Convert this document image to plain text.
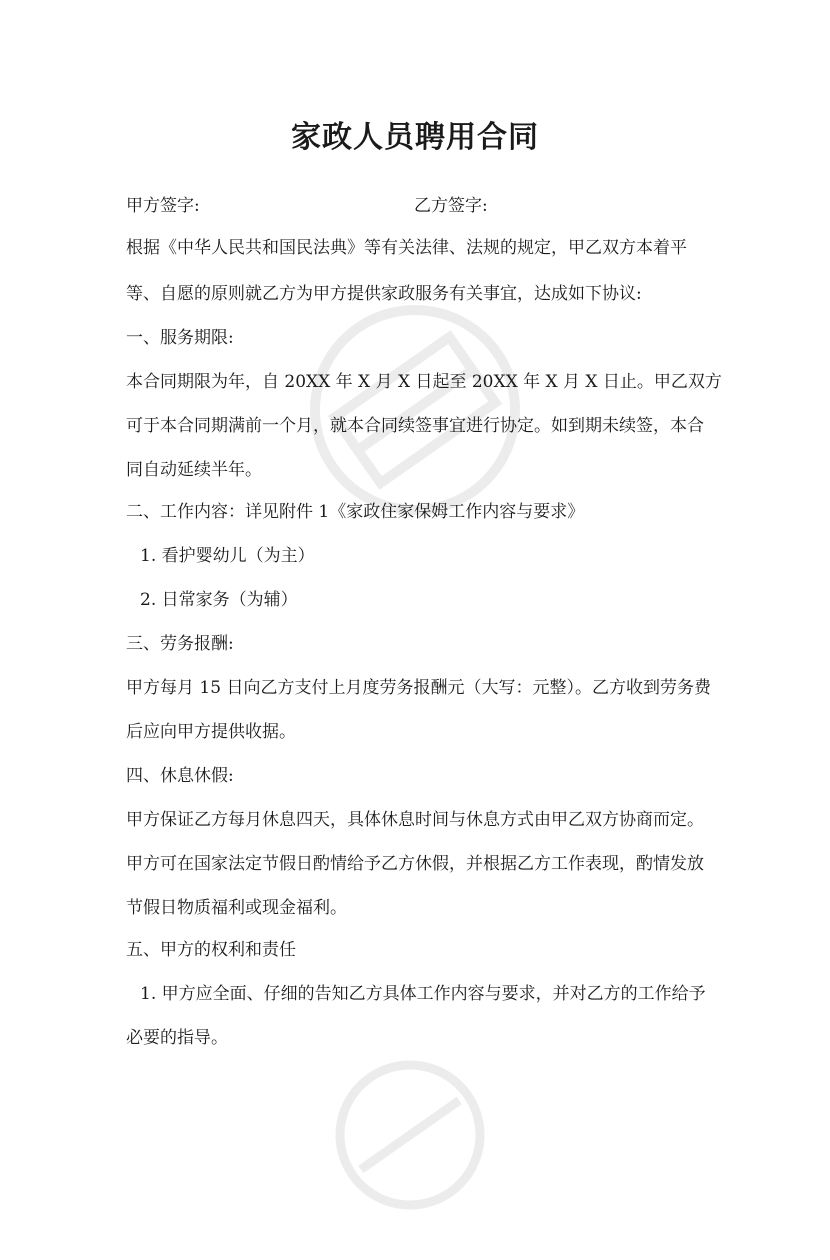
家政人员聘用合同
甲方签字:	乙方签字:
根据《中华人民共和国民法典》等有关法律、法规的规定，甲乙双方本着平
等、自愿的原则就乙方为甲方提供家政服务有关事宜，达成如下协议:
一、服务期限:
本合同期限为年，自 20XX 年 X 月 X 日起至 20XX 年 X 月 X 日止。甲乙双方
可于本合同期满前一个月，就本合同续签事宜进行协定。如到期未续签，本合
同自动延续半年。
二、工作内容：详见附件 1《家政住家保姆工作内容与要求》
1. 看护婴幼儿（为主）
2. 日常家务（为辅）
三、劳务报酬:
甲方每月 15 日向乙方支付上月度劳务报酬元（大写：元整）。乙方收到劳务费
后应向甲方提供收据。
四、休息休假:
甲方保证乙方每月休息四天，具体休息时间与休息方式由甲乙双方协商而定。
甲方可在国家法定节假日酌情给予乙方休假，并根据乙方工作表现，酌情发放
节假日物质福利或现金福利。
五、甲方的权利和责任
1. 甲方应全面、仔细的告知乙方具体工作内容与要求，并对乙方的工作给予
必要的指导。
